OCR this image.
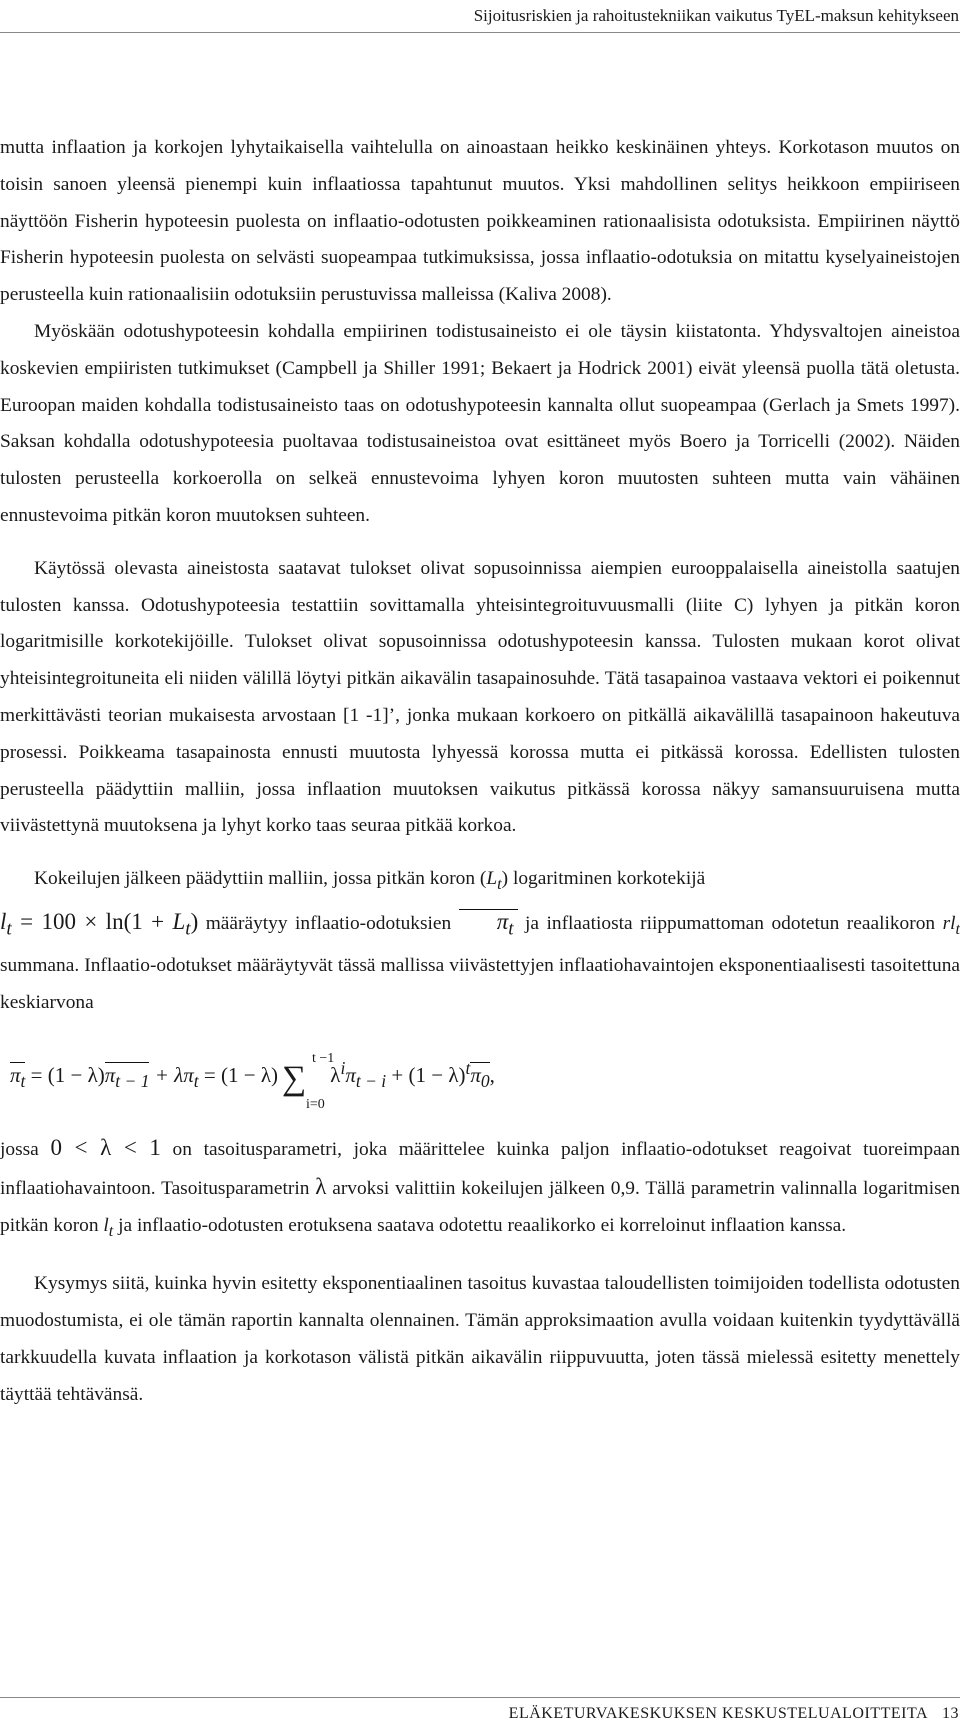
Sijoitusriskien ja rahoitustekniikan vaikutus TyEL-maksun kehitykseen

mutta inflaation ja korkojen lyhytaikaisella vaihtelulla on ainoastaan heikko keskinäinen yhteys. Korkotason muutos on toisin sanoen yleensä pienempi kuin inflaatiossa tapahtunut muutos. Yksi mahdollinen selitys heikkoon empiiriseen näyttöön Fisherin hypoteesin puolesta on inflaatio-odotusten poikkeaminen rationaalisista odotuksista. Empiirinen näyttö Fisherin hypoteesin puolesta on selvästi suopeampaa tutkimuksissa, jossa inflaatio-odotuksia on mitattu kyselyaineistojen perusteella kuin rationaalisiin odotuksiin perustuvissa malleissa (Kaliva 2008).

Myöskään odotushypoteesin kohdalla empiirinen todistusaineisto ei ole täysin kiistatonta. Yhdysvaltojen aineistoa koskevien empiiristen tutkimukset (Campbell ja Shiller 1991; Bekaert ja Hodrick 2001) eivät yleensä puolla tätä oletusta. Euroopan maiden kohdalla todistusaineisto taas on odotushypoteesin kannalta ollut suopeampaa (Gerlach ja Smets 1997). Saksan kohdalla odotushypoteesia puoltavaa todistusaineistoa ovat esittäneet myös Boero ja Torricelli (2002). Näiden tulosten perusteella korkoerolla on selkeä ennustevoima lyhyen koron muutosten suhteen mutta vain vähäinen ennustevoima pitkän koron muutoksen suhteen.

Käytössä olevasta aineistosta saatavat tulokset olivat sopusoinnissa aiempien eurooppalaisella aineistolla saatujen tulosten kanssa. Odotushypoteesia testattiin sovittamalla yhteisintegroituvuusmalli (liite C) lyhyen ja pitkän koron logaritmisille korkotekijöille. Tulokset olivat sopusoinnissa odotushypoteesin kanssa. Tulosten mukaan korot olivat yhteisintegroituneita eli niiden välillä löytyi pitkän aikavälin tasapainosuhde. Tätä tasapainoa vastaava vektori ei poikennut merkittävästi teorian mukaisesta arvostaan [1 -1]’, jonka mukaan korkoero on pitkällä aikavälillä tasapainoon hakeutuva prosessi. Poikkeama tasapainosta ennusti muutosta lyhyessä korossa mutta ei pitkässä korossa. Edellisten tulosten perusteella päädyttiin malliin, jossa inflaation muutoksen vaikutus pitkässä korossa näkyy samansuuruisena mutta viivästettynä muutoksena ja lyhyt korko taas seuraa pitkää korkoa.

Kokeilujen jälkeen päädyttiin malliin, jossa pitkän koron $(L_t)$ logaritminen korkotekijä
$l_t = 100 \times \ln(1 + L_t)$ määräytyy inflaatio-odotuksien $\pi_t$ ja inflaatiosta riippumattoman odotetun reaalikoron $rl_t$ summana. Inflaatio-odotukset määräytyvät tässä mallissa viivästettyjen inflaatiohavaintojen eksponentiaalisesti tasoitettuna keskiarvona

$\pi_t = (1 - \lambda)\pi_{t - 1} + \lambda\pi_t = (1 - \lambda)$ ∑
t −1
i=0
$\lambda^i\pi_{t - i} + (1 - \lambda)^t\pi_0$,

jossa 0 < λ < 1 on tasoitusparametri, joka määrittelee kuinka paljon inflaatio-odotukset reagoivat tuoreimpaan inflaatiohavaintoon. Tasoitusparametrin λ arvoksi valittiin kokeilujen jälkeen 0,9. Tällä parametrin valinnalla logaritmisen pitkän koron $l_t$ ja inflaatio-odotusten erotuksena saatava odotettu reaalikorko ei korreloinut inflaation kanssa.

Kysymys siitä, kuinka hyvin esitetty eksponentiaalinen tasoitus kuvastaa taloudellisten toimijoiden todellista odotusten muodostumista, ei ole tämän raportin kannalta olennainen. Tämän approksimaation avulla voidaan kuitenkin tyydyttävällä tarkkuudella kuvata inflaation ja korkotason välistä pitkän aikavälin riippuvuutta, joten tässä mielessä esitetty menettely täyttää tehtävänsä.

ELÄKETURVAKESKUKSEN KESKUSTELUALOITTEITA 13
